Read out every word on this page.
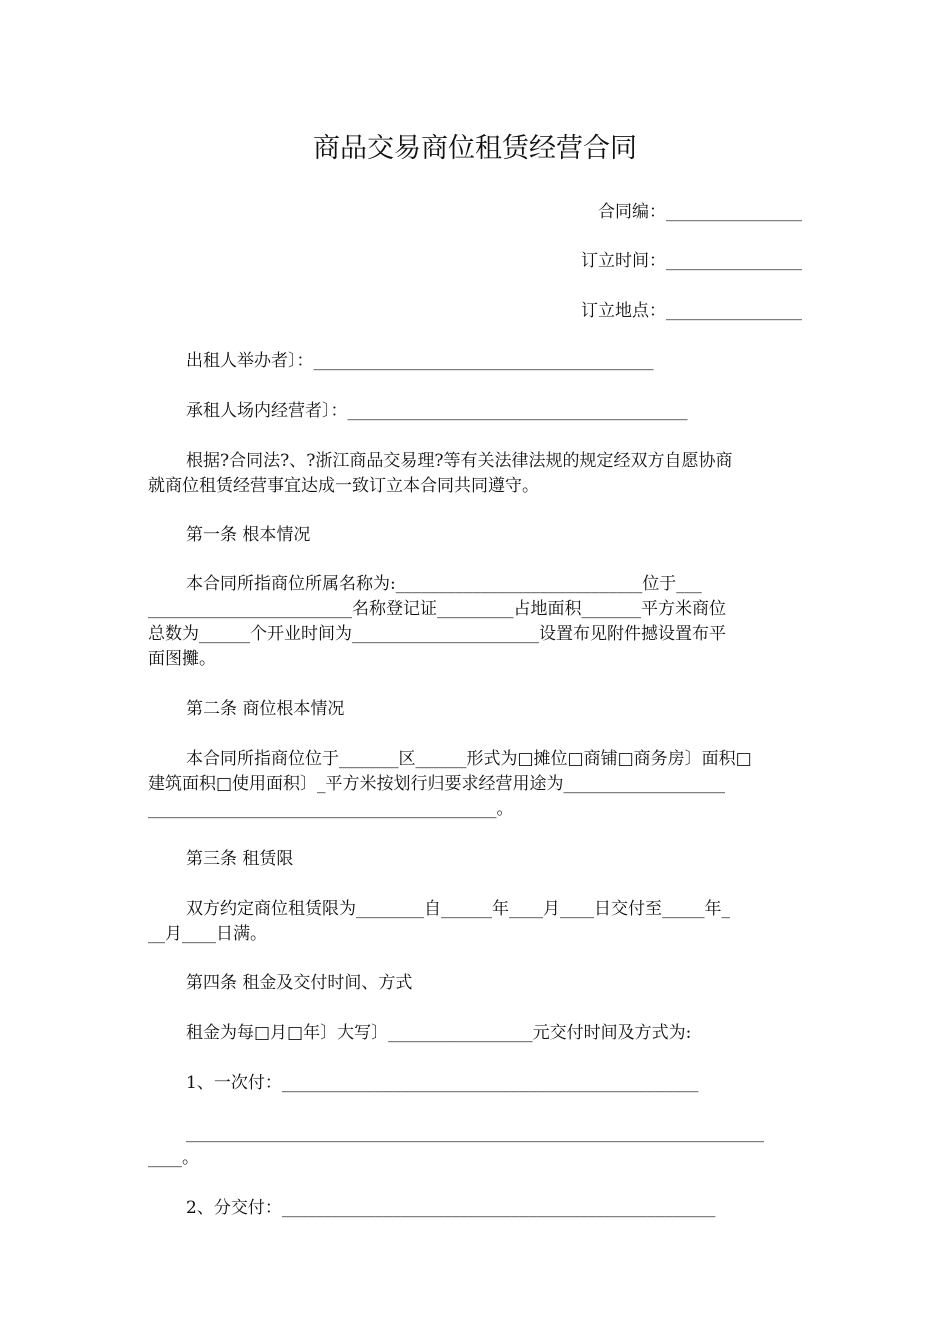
商品交易商位租赁经营合同
合同编：________________
订立时间：________________
订立地点：________________
出租人举办者〕：________________________________________
承租人场内经营者〕：________________________________________
根据?合同法?、?浙江商品交易理?等有关法律法规的规定经双方自愿协商
就商位租赁经营事宜达成一致订立本合同共同遵守。
第一条 根本情况
本合同所指商位所属名称为:_____________________________位于___
________________________名称登记证_________占地面积_______平方米商位
总数为______个开业时间为______________________设置布见附件撼设置布平
面图攤。
第二条 商位根本情况
本合同所指商位位于_______区______形式为□摊位□商铺□商务房〕面积□
建筑面积□使用面积〕_平方米按划行归要求经营用途为___________________
_________________________________________。
第三条 租赁限
双方约定商位租赁限为________自______年____月____日交付至_____年_
__月____日满。
第四条 租金及交付时间、方式
租金为每□月□年〕大写〕_________________元交付时间及方式为:
1、一次付：_________________________________________________
____________________________________________________________________
____。
2、分交付：___________________________________________________
